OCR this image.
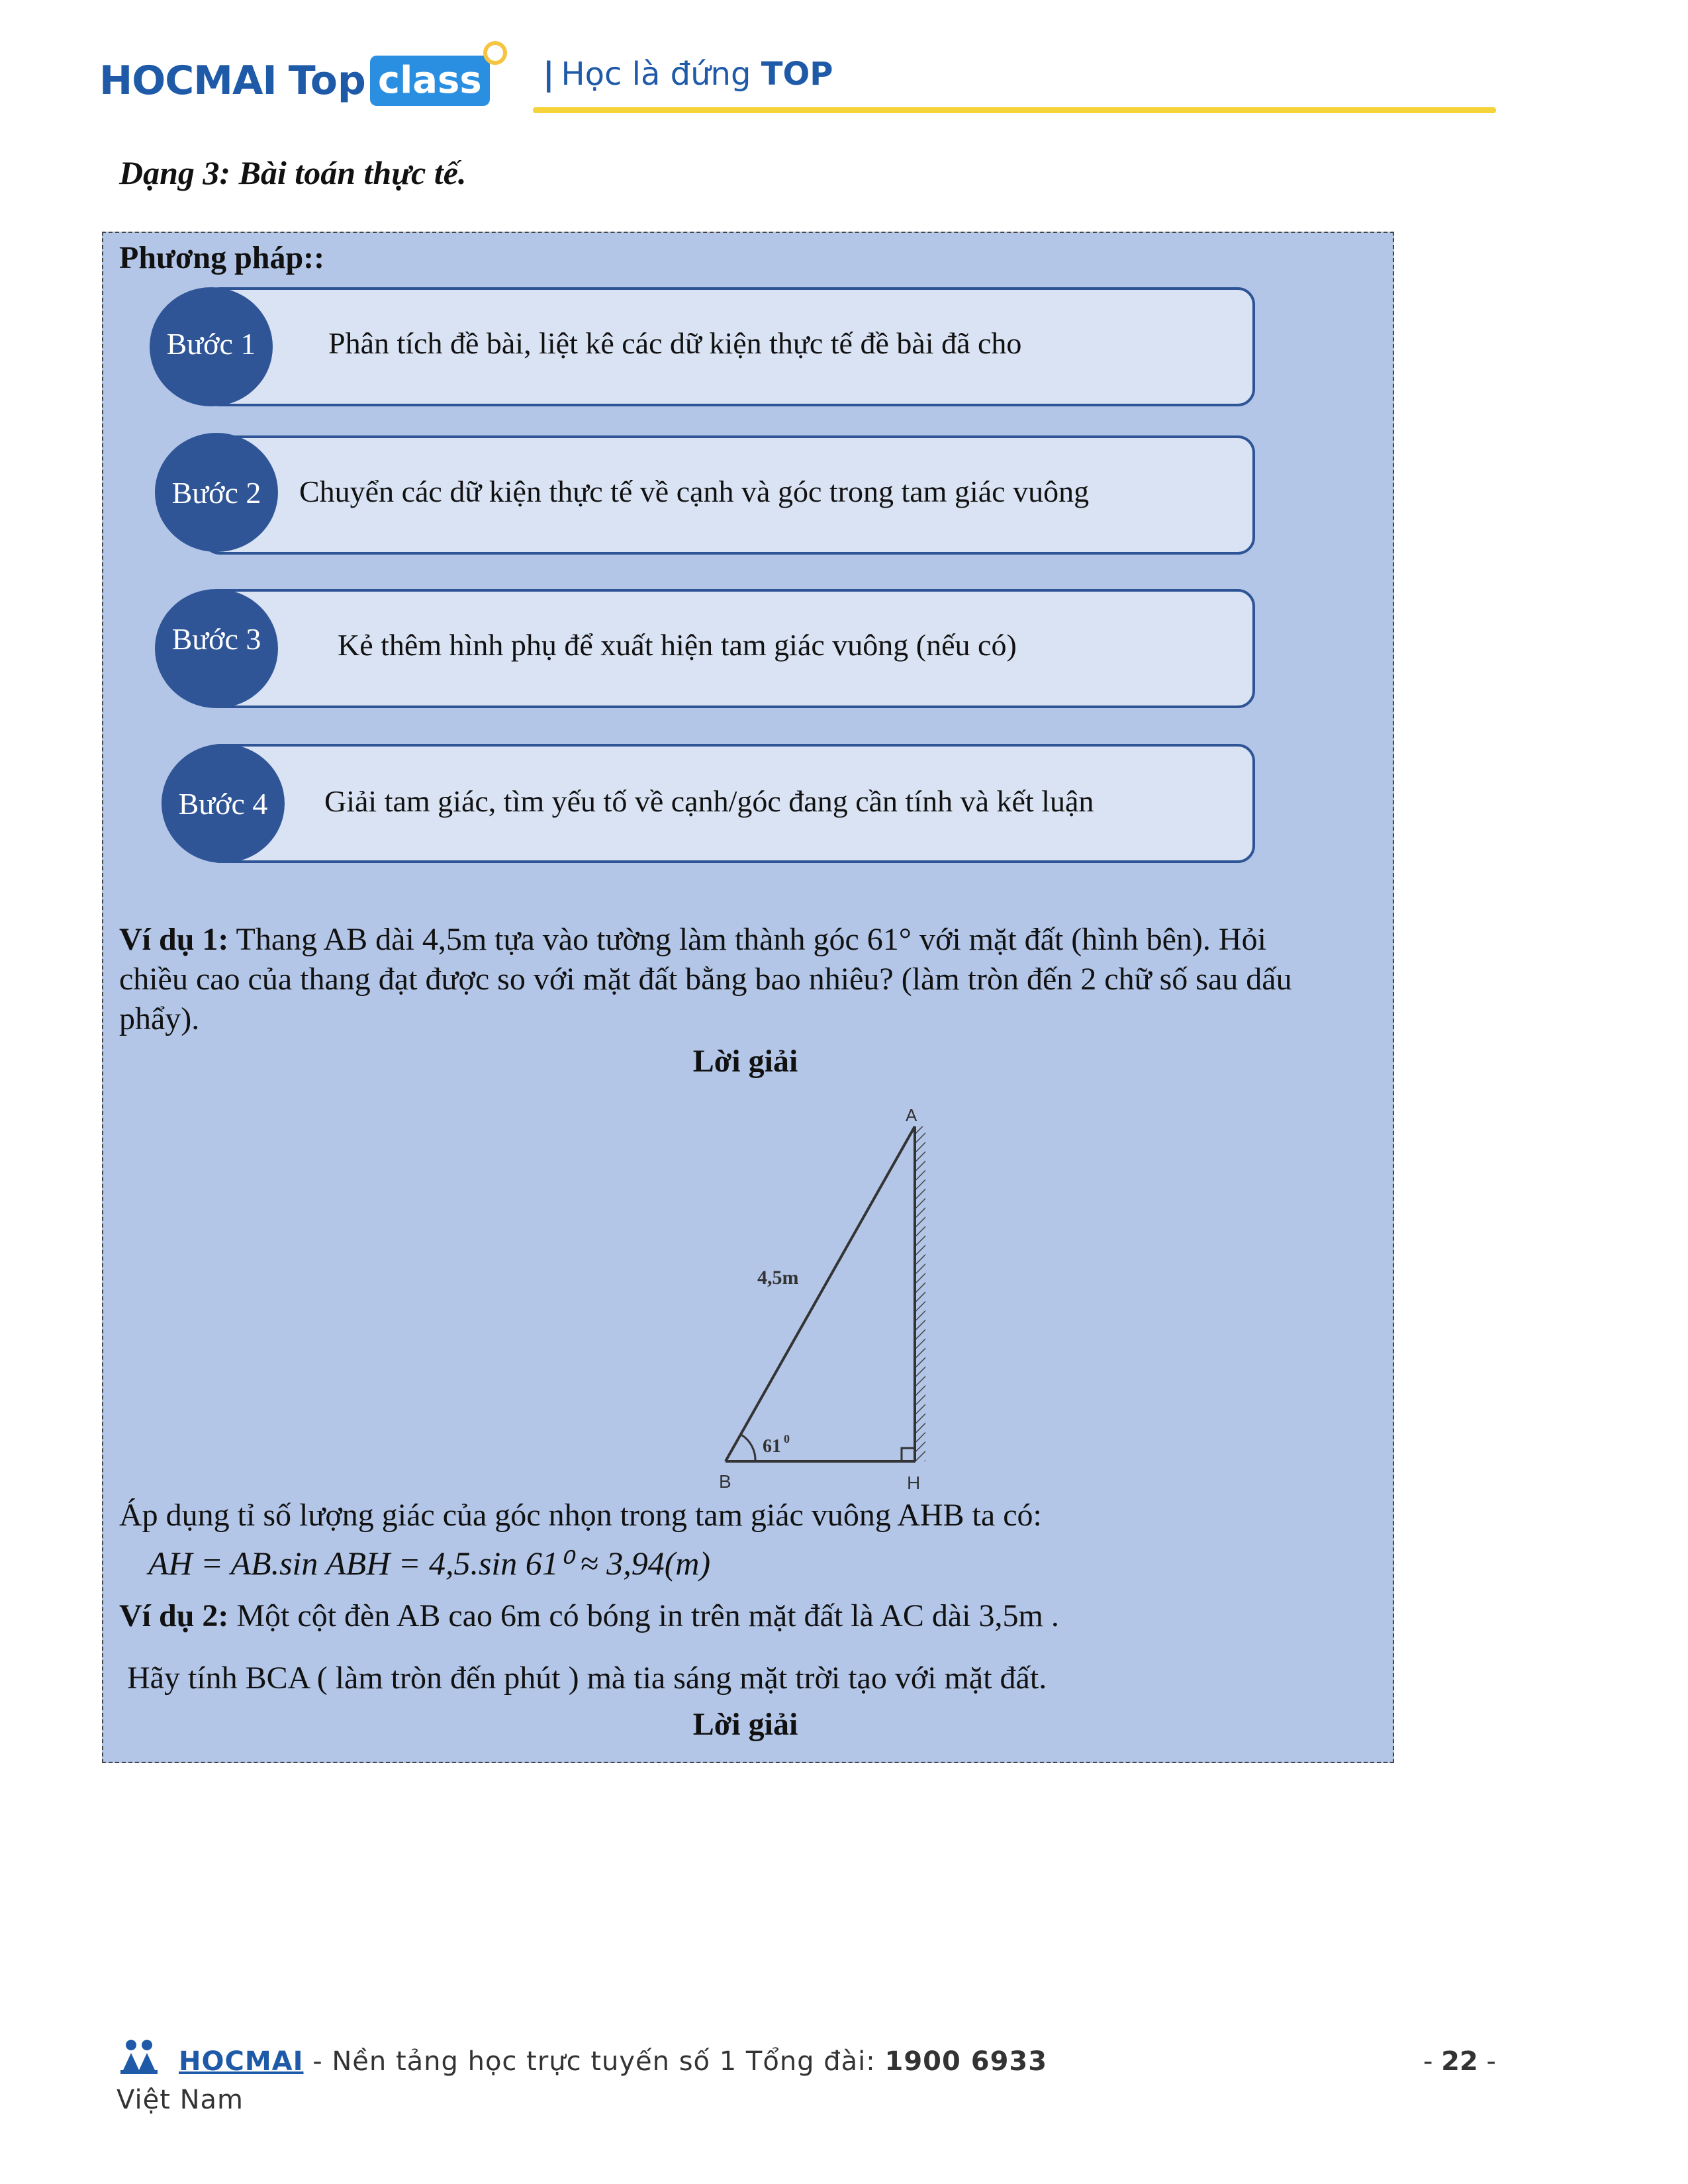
HOCMAI Top class | Học là đứng TOP
Dạng 3: Bài toán thực tế.
Phương pháp::
Bước 1 Phân tích đề bài, liệt kê các dữ kiện thực tế đề bài đã cho
Bước 2 Chuyển các dữ kiện thực tế về cạnh và góc trong tam giác vuông
Bước 3	Kẻ thêm hình phụ để xuất hiện tam giác vuông (nếu có)
Bước 4 Giải tam giác, tìm yếu tố về cạnh/góc đang cần tính và kết luận
Ví dụ 1: Thang AB dài 4,5m tựa vào tường làm thành góc 61° với mặt đất (hình bên). Hỏi
chiều cao của thang đạt được so với mặt đất bằng bao nhiêu? (làm tròn đến 2 chữ số sau dấu
phẩy).
Lời giải
A
B	H
4,5m
61 0
Áp dụng tỉ số lượng giác của góc nhọn trong tam giác vuông AHB ta có:
AH = AB.sin ABH = 4,5.sin 61⁰ ≈ 3,94(m)
Ví dụ 2: Một cột đèn AB cao 6m có bóng in trên mặt đất là AC dài 3,5m .
Hãy tính BCA ( làm tròn đến phút ) mà tia sáng mặt trời tạo với mặt đất.
Lời giải
HOCMAI - Nền tảng học trực tuyến số 1 Tổng đài: 1900 6933
Việt Nam
- 22 -
